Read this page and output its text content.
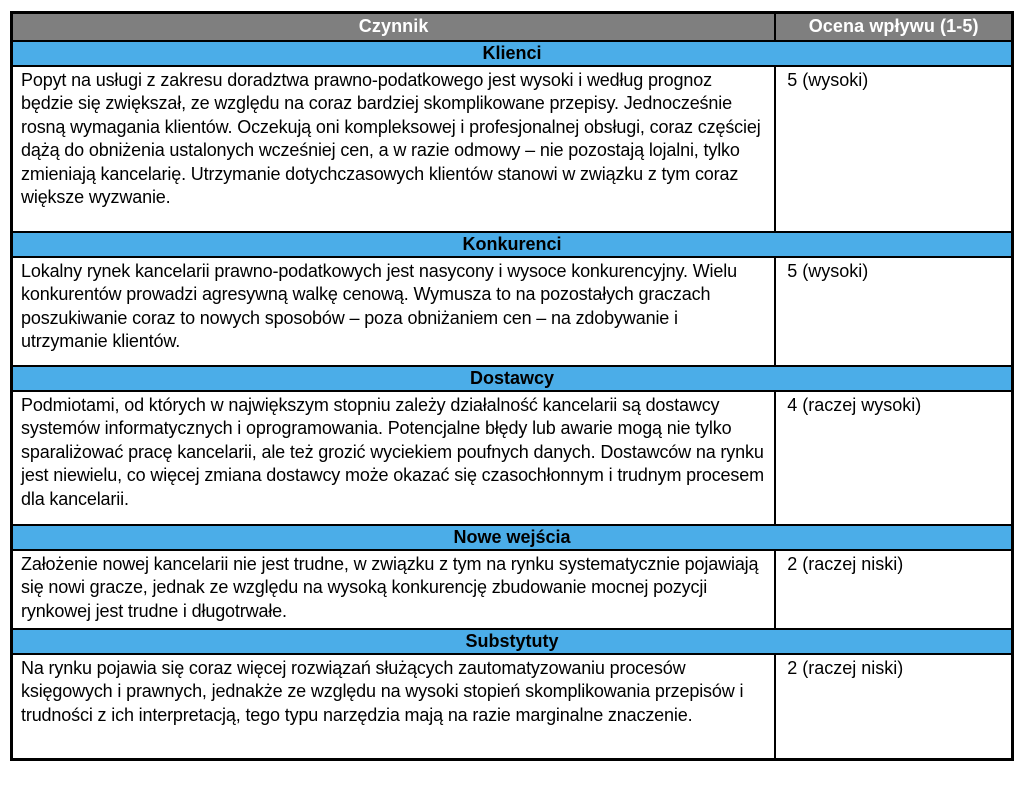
Czynnik	Ocena wpływu (1-5)
Klienci	
Popyt na usługi z zakresu doradztwa prawno-podatkowego jest wysoki i według prognoz będzie się zwiększał, ze względu na coraz bardziej skomplikowane przepisy. Jednocześnie rosną wymagania klientów. Oczekują oni kompleksowej i profesjonalnej obsługi, coraz częściej dążą do obniżenia ustalonych wcześniej cen, a w razie odmowy – nie pozostają lojalni, tylko zmieniają kancelarię. Utrzymanie dotychczasowych klientów stanowi w związku z tym coraz większe wyzwanie.	5 (wysoki)
Konkurenci	
Lokalny rynek kancelarii prawno-podatkowych jest nasycony i wysoce konkurencyjny. Wielu konkurentów prowadzi agresywną walkę cenową. Wymusza to na pozostałych graczach poszukiwanie coraz to nowych sposobów – poza obniżaniem cen – na zdobywanie i utrzymanie klientów.	5 (wysoki)
Dostawcy	
Podmiotami, od których w największym stopniu zależy działalność kancelarii są dostawcy systemów informatycznych i oprogramowania. Potencjalne błędy lub awarie mogą nie tylko sparaliżować pracę kancelarii, ale też grozić wyciekiem poufnych danych. Dostawców na rynku jest niewielu, co więcej zmiana dostawcy może okazać się czasochłonnym i trudnym procesem dla kancelarii.	4 (raczej wysoki)
Nowe wejścia	
Założenie nowej kancelarii nie jest trudne, w związku z tym na rynku systematycznie pojawiają się nowi gracze, jednak ze względu na wysoką konkurencję zbudowanie mocnej pozycji rynkowej jest trudne i długotrwałe.	2 (raczej niski)
Substytuty	
Na rynku pojawia się coraz więcej rozwiązań służących zautomatyzowaniu procesów księgowych i prawnych, jednakże ze względu na wysoki stopień skomplikowania przepisów i trudności z ich interpretacją, tego typu narzędzia mają na razie marginalne znaczenie.	2 (raczej niski)
